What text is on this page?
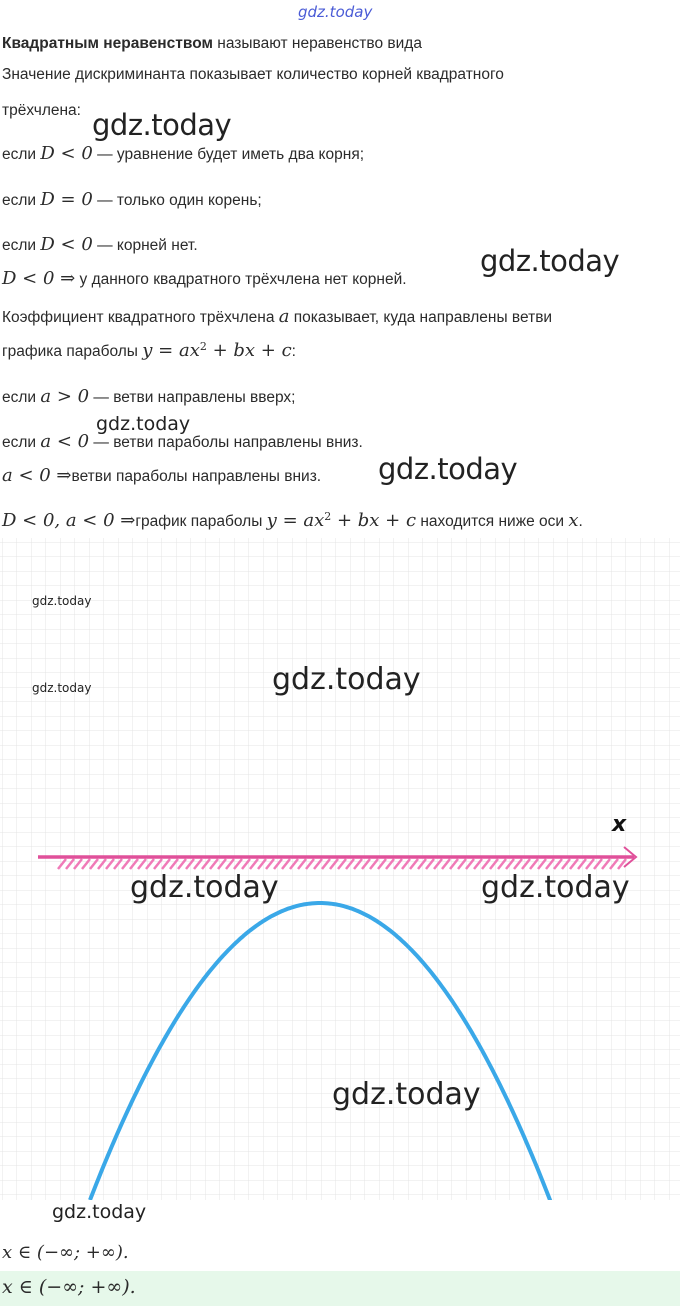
gdz.today
Квадратным неравенством называют неравенство вида
Значение дискриминанта показывает количество корней квадратного
трёхчлена: gdz.today
если D < 0 — уравнение будет иметь два корня;
если D = 0 — только один корень;
если D < 0 — корней нет.
D < 0 ⇒ у данного квадратного трёхчлена нет корней.
gdz.today
Коэффициент квадратного трёхчлена a показывает, куда направлены ветви
графика параболы $y = ax^2$ + bx + c:
если a > 0 — ветви направлены вверх;
gdz.today
если a < 0 — ветви параболы направлены вниз.
a < 0 ⇒ветви параболы направлены вниз. gdz.today
D < 0, a < 0 ⇒график параболы $y = ax^2$ + bx + c находится ниже оси x.
x
gdz.today
gdz.today	gdz.today
gdz.today	gdz.today
gdz.today
gdz.today
x ∈ (−∞; +∞).
x ∈ (−∞; +∞).
